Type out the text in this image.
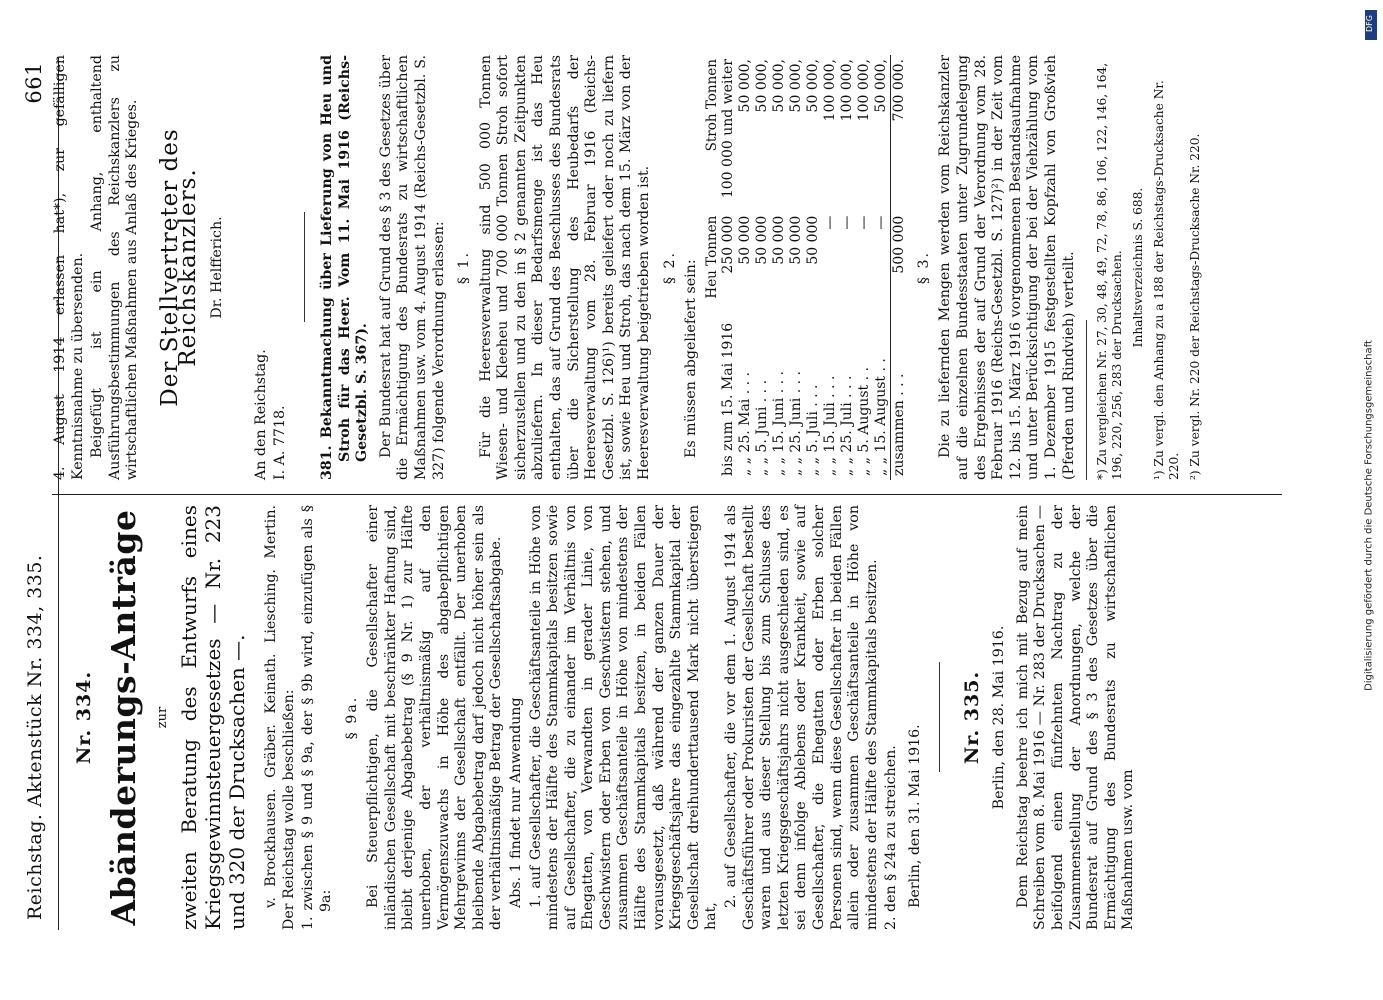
Reichstag. Aktenstück Nr. 334, 335.
661
Nr. 334. Abänderungs-Anträge zur zweiten Beratung des Entwurfs eines Kriegsgewinnsteuergesetzes — Nr. 223 und 320 der Drucksachen —. v. Brockhausen. Gräber. Keinath. Liesching. Mertin. Der Reichstag wolle beschließen: 1. zwischen § 9 und § 9a, der § 9b wird, einzufügen als § 9a:

§ 9a. Bei Steuerpflichtigen, die Gesellschafter einer inländischen Gesellschaft mit beschränkter Haftung sind, bleibt derjenige Abgabebetrag (§ 9 Nr. 1) zur Hälfte unerhoben, der verhältnismäßig auf den Vermögenszuwachs in Höhe des abgabepflichtigen Mehrgewinns der Gesellschaft entfällt. Der unerhoben bleibende Abgabebetrag darf jedoch nicht höher sein als der verhältnismäßige Betrag der Gesellschaftsabgabe. Abs. 1 findet nur Anwendung 1. auf Gesellschafter, die Geschäftsanteile in Höhe von mindestens der Hälfte des Stammkapitals besitzen sowie auf Gesellschafter, die zu einander im Verhältnis von Ehegatten, von Verwandten in gerader Linie, von Geschwistern oder Erben von Geschwistern stehen, und zusammen Geschäftsanteile in Höhe von mindestens der Hälfte des Stammkapitals besitzen, in beiden Fällen vorausgesetzt, daß während der ganzen Dauer der Kriegsgeschäftsjahre das eingezahlte Stammkapital der Gesellschaft dreihunderttausend Mark nicht überstiegen hat,

2. auf Gesellschafter, die vor dem 1. August 1914 als Geschäftsführer oder Prokuristen der Gesellschaft bestellt waren und aus dieser Stellung bis zum Schlusse des letzten Kriegsgeschäftsjahrs nicht ausgeschieden sind, es sei denn infolge Ablebens oder Krankheit, sowie auf Gesellschafter, die Ehegatten oder Erben solcher Personen sind, wenn diese Gesellschafter in beiden Fällen allein oder zusammen Geschäftsanteile in Höhe von mindestens der Hälfte des Stammkapitals besitzen. 2. den § 24a zu streichen. Berlin, den 31. Mai 1916.

Nr. 335. Berlin, den 28. Mai 1916. Dem Reichstag beehre ich mich mit Bezug auf mein Schreiben vom 8. Mai 1916 — Nr. 283 der Drucksachen — beifolgend einen fünfzehnten Nachtrag zu der Zusammenstellung der Anordnungen, welche der Bundesrat auf Grund des § 3 des Gesetzes über die Ermächtigung des Bundesrats zu wirtschaftlichen Maßnahmen usw. vom

4. August 1914 erlassen hat*), zur gefälligen Kenntnisnahme zu übersenden. Beigefügt ist ein Anhang, enthaltend Ausführungsbestimmungen des Reichskanzlers zu wirtschaftlichen Maßnahmen aus Anlaß des Krieges. Der Stellvertreter des Reichskanzlers. Dr. Helfferich.

An den Reichstag. I. A. 7718. 381. Bekanntmachung über Lieferung von Heu und Stroh für das Heer. Vom 11. Mai 1916 (Reichs-Gesetzbl. S. 367). Der Bundesrat hat auf Grund des § 3 des Gesetzes über die Ermächtigung des Bundesrats zu wirtschaftlichen Maßnahmen usw. vom 4. August 1914 (Reichs-Gesetzbl. S. 327) folgende Verordnung erlassen: § 1. Für die Heeresverwaltung sind 500 000 Tonnen Wiesen- und Kleeheu und 700 000 Tonnen Stroh sofort sicherzustellen und zu den in § 2 genannten Zeitpunkten abzuliefern. In dieser Bedarfsmenge ist das Heu enthalten, das auf Grund des Beschlusses des Bundesrats über die Sicherstellung des Heubedarfs der Heeresverwaltung vom 28. Februar 1916 (Reichs-Gesetzbl. S. 126)¹) bereits geliefert oder noch zu liefern ist, sowie Heu und Stroh, das nach dem 15. März von der Heeresverwaltung beigetrieben worden ist. § 2. Es müssen abgeliefert sein:

	Heu Tonnen	Stroh Tonnen
bis zum 15. Mai 1916	250 000	100 000 und weiter
„ „ 25. Mai . . .	50 000	50 000,
„ „ 5. Juni . . .	50 000	50 000,
„ „ 15. Juni . . .	50 000	50 000,
„ „ 25. Juni . . .	50 000	50 000,
„ „ 5. Juli . . .	50 000	50 000,
„ „ 15. Juli . . .	—	100 000,
„ „ 25. Juli . . .	—	100 000,
„ „ 5. August . .	—	100 000,
„ „ 15. August . .	—	50 000,
zusammen . . .	500 000	700 000.
§ 3. Die zu liefernden Mengen werden vom Reichskanzler auf die einzelnen Bundesstaaten unter Zugrundelegung des Ergebnisses der auf Grund der Verordnung vom 28. Februar 1916 (Reichs-Gesetzbl. S. 127)²) in der Zeit vom 12. bis 15. März 1916 vorgenommenen Bestandsaufnahme und unter Berücksichtigung der bei der Viehzählung vom 1. Dezember 1915 festgestellten Kopfzahl von Großvieh (Pferden und Rindvieh) verteilt. *) Zu vergleichen Nr. 27, 30, 48, 49, 72, 78, 86, 106, 122, 146, 164, 196, 220, 256, 283 der Drucksachen. Inhaltsverzeichnis S. 688. ¹) Zu vergl. den Anhang zu a 188 der Reichstags-Drucksache Nr. 220. ²) Zu vergl. Nr. 220 der Reichstags-Drucksache Nr. 220.
DFG
Digitalisierung gefördert durch die Deutsche Forschungsgemeinschaft
